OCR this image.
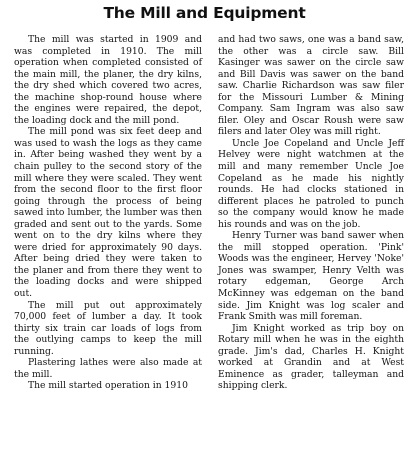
The Mill and Equipment

The mill was started in 1909 and was completed in 1910. The mill operation when completed consisted of the main mill, the planer, the dry kilns, the dry shed which covered two acres, the machine shop-round house where the engines were repaired, the depot, the loading dock and the mill pond.

The mill pond was six feet deep and was used to wash the logs as they came in. After being washed they went by a chain pulley to the second story of the mill where they were scaled. They went from the second floor to the first floor going through the process of being sawed into lumber, the lumber was then graded and sent out to the yards. Some went on to the dry kilns where they were dried for approximately 90 days. After being dried they were taken to the planer and from there they went to the loading docks and were shipped out.

The mill put out approximately 70,000 feet of lumber a day. It took thirty six train car loads of logs from the outlying camps to keep the mill running.

Plastering lathes were also made at the mill.

The mill started operation in 1910

and had two saws, one was a band saw, the other was a circle saw. Bill Kasinger was sawer on the circle saw and Bill Davis was sawer on the band saw. Charlie Richardson was saw filer for the Missouri Lumber & Mining Company. Sam Ingram was also saw filer. Oley and Oscar Roush were saw filers and later Oley was mill right.

Uncle Joe Copeland and Uncle Jeff Helvey were night watchmen at the mill and many remember Uncle Joe Copeland as he made his nightly rounds. He had clocks stationed in different places he patroled to punch so the company would know he made his rounds and was on the job.

Henry Turner was band sawer when the mill stopped operation. 'Pink' Woods was the engineer, Hervey 'Noke' Jones was swamper, Henry Velth was rotary edgeman, George Arch McKinney was edgeman on the band side. Jim Knight was log scaler and Frank Smith was mill foreman.

Jim Knight worked as trip boy on Rotary mill when he was in the eighth grade. Jim's dad, Charles H. Knight worked at Grandin and at West Eminence as grader, talleyman and shipping clerk.
